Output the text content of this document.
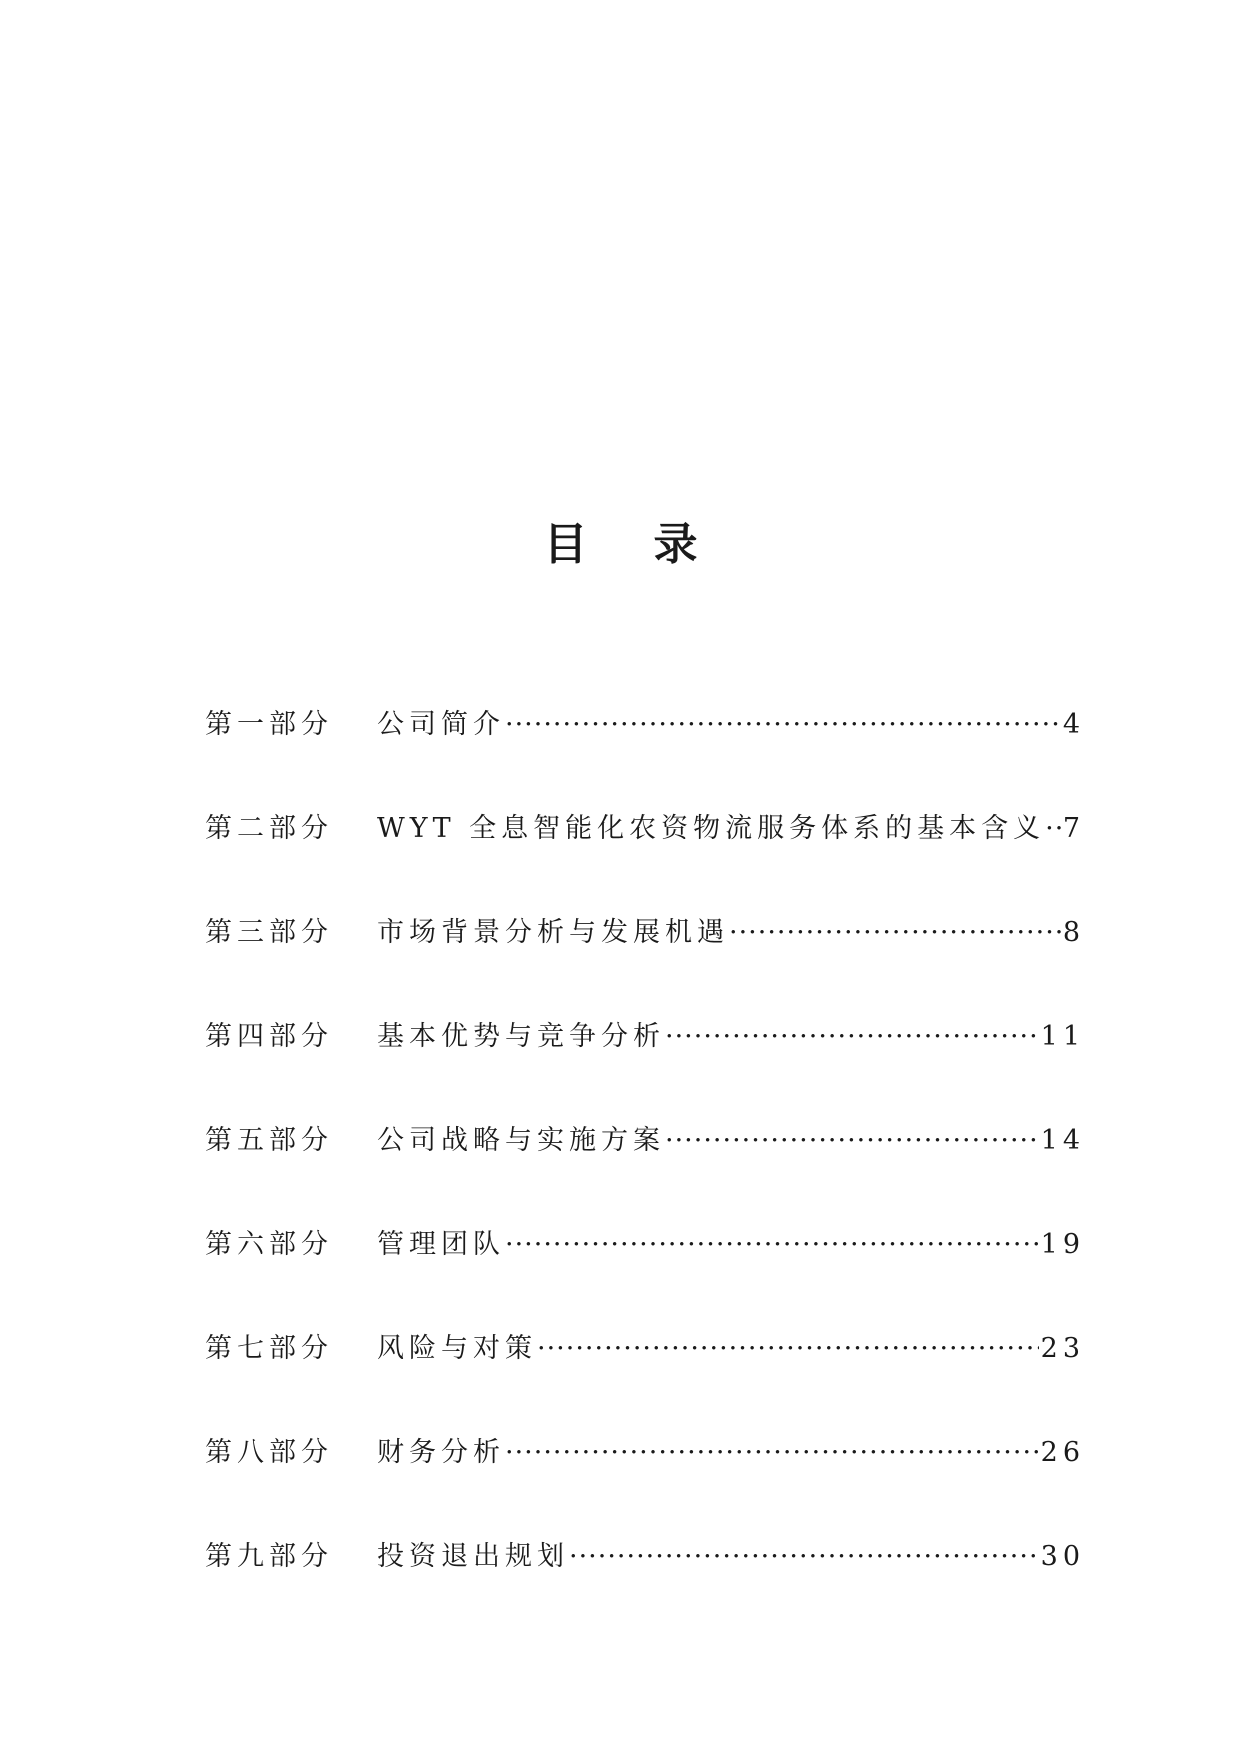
目 录
第一部分	公司简介 ·····	4
第二部分	WYT 全息智能化农资物流服务体系的基本含义 ····· 7
第三部分	市场背景分析与发展机遇 ·····	8
第四部分	基本优势与竞争分析 ·····	11
第五部分	公司战略与实施方案 ·····	14
第六部分	管理团队 ·····	19
第七部分	风险与对策 ·····	23
第八部分	财务分析 ·····	26
第九部分	投资退出规划 ·····	30
